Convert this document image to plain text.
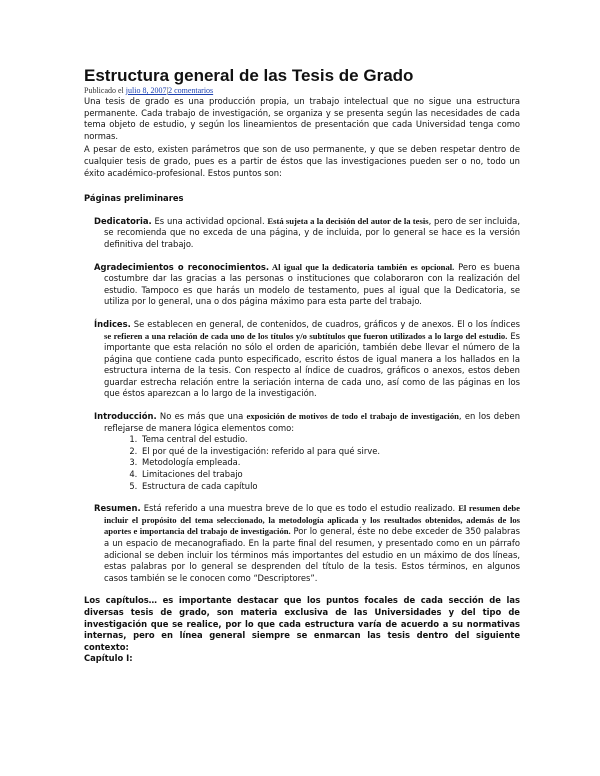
Estructura general de las Tesis de Grado
Publicado el julio 8, 2007|2 comentarios

Una tesis de grado es una producción propia, un trabajo intelectual que no sigue una estructura permanente. Cada trabajo de investigación, se organiza y se presenta según las necesidades de cada tema objeto de estudio, y según los lineamientos de presentación que cada Universidad tenga como normas.

A pesar de esto, existen parámetros que son de uso permanente, y que se deben respetar dentro de cualquier tesis de grado, pues es a partir de éstos que las investigaciones pueden ser o no, todo un éxito académico-profesional. Estos puntos son:

Páginas preliminares

Dedicatoria. Es una actividad opcional. Está sujeta a la decisión del autor de la tesis, pero de ser incluida, se recomienda que no exceda de una página, y de incluida, por lo general se hace es la versión definitiva del trabajo.

Agradecimientos o reconocimientos. Al igual que la dedicatoria también es opcional. Pero es buena costumbre dar las gracias a las personas o instituciones que colaboraron con la realización del estudio. Tampoco es que harás un modelo de testamento, pues al igual que la Dedicatoria, se utiliza por lo general, una o dos página máximo para esta parte del trabajo.

Índices. Se establecen en general, de contenidos, de cuadros, gráficos y de anexos. El o los índices se refieren a una relación de cada uno de los títulos y/o subtítulos que fueron utilizados a lo largo del estudio. Es importante que esta relación no sólo el orden de aparición, también debe llevar el número de la página que contiene cada punto especificado, escrito éstos de igual manera a los hallados en la estructura interna de la tesis. Con respecto al índice de cuadros, gráficos o anexos, estos deben guardar estrecha relación entre la seriación interna de cada uno, así como de las páginas en los que éstos aparezcan a lo largo de la investigación.

Introducción. No es más que una exposición de motivos de todo el trabajo de investigación, en los deben reflejarse de manera lógica elementos como:

1. Tema central del estudio.
2. El por qué de la investigación: referido al para qué sirve.
3. Metodología empleada.
4. Limitaciones del trabajo
5. Estructura de cada capítulo

Resumen. Está referido a una muestra breve de lo que es todo el estudio realizado. El resumen debe incluir el propósito del tema seleccionado, la metodología aplicada y los resultados obtenidos, además de los aportes e importancia del trabajo de investigación. Por lo general, éste no debe exceder de 350 palabras a un espacio de mecanografiado. En la parte final del resumen, y presentado como en un párrafo adicional se deben incluir los términos más importantes del estudio en un máximo de dos líneas, estas palabras por lo general se desprenden del título de la tesis. Estos términos, en algunos casos también se le conocen como “Descriptores”.

Los capítulos… es importante destacar que los puntos focales de cada sección de las diversas tesis de grado, son materia exclusiva de las Universidades y del tipo de investigación que se realice, por lo que cada estructura varía de acuerdo a su normativas internas, pero en línea general siempre se enmarcan las tesis dentro del siguiente contexto:

Capítulo I:
